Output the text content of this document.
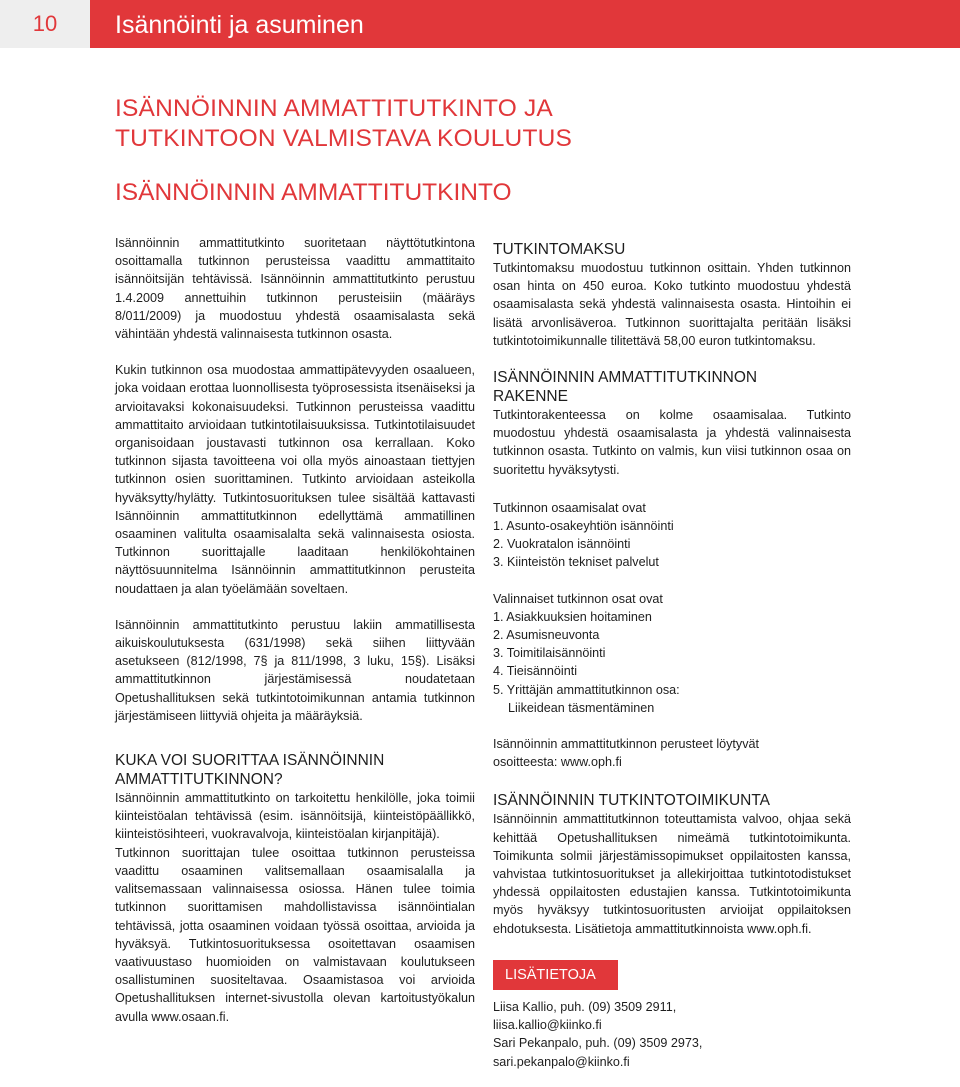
10	Isännöinti ja asuminen
ISÄNNÖINNIN AMMATTITUTKINTO JA
TUTKINTOON VALMISTAVA KOULUTUS
ISÄNNÖINNIN AMMATTITUTKINTO

Isännöinnin ammattitutkinto suoritetaan näyttötutkintona osoittamalla tutkinnon perusteissa vaadittu ammattitaito isännöitsijän tehtävissä. Isännöinnin ammattitutkinto perustuu 1.4.2009 annettuihin tutkinnon perusteisiin (määräys 8/011/2009) ja muodostuu yhdestä osaamisalasta sekä vähintään yhdestä valinnaisesta tutkinnon osasta.

Kukin tutkinnon osa muodostaa ammattipätevyyden osaalueen, joka voidaan erottaa luonnollisesta työprosessista itsenäiseksi ja arvioitavaksi kokonaisuudeksi. Tutkinnon perusteissa vaadittu ammattitaito arvioidaan tutkintotilaisuuksissa. Tutkintotilaisuudet organisoidaan joustavasti tutkinnon osa kerrallaan. Koko tutkinnon sijasta tavoitteena voi olla myös ainoastaan tiettyjen tutkinnon osien suorittaminen. Tutkinto arvioidaan asteikolla hyväksytty/hylätty. Tutkintosuorituksen tulee sisältää kattavasti Isännöinnin ammattitutkinnon edellyttämä ammatillinen osaaminen valitulta osaamisalalta sekä valinnaisesta osiosta. Tutkinnon suorittajalle laaditaan henkilökohtainen näyttösuunnitelma Isännöinnin ammattitutkinnon perusteita noudattaen ja alan työelämään soveltaen.

Isännöinnin ammattitutkinto perustuu lakiin ammatillisesta aikuiskoulutuksesta (631/1998) sekä siihen liittyvään asetukseen (812/1998, 7§ ja 811/1998, 3 luku, 15§). Lisäksi ammattitutkinnon järjestämisessä noudatetaan Opetushallituksen sekä tutkintotoimikunnan antamia tutkinnon järjestämiseen liittyviä ohjeita ja määräyksiä.

KUKA VOI SUORITTAA ISÄNNÖINNIN
AMMATTITUTKINNON?

Isännöinnin ammattitutkinto on tarkoitettu henkilölle, joka toimii kiinteistöalan tehtävissä (esim. isännöitsijä, kiinteistöpäällikkö, kiinteistösihteeri, vuokravalvoja, kiinteistöalan kirjanpitäjä).

Tutkinnon suorittajan tulee osoittaa tutkinnon perusteissa vaadittu osaaminen valitsemallaan osaamisalalla ja valitsemassaan valinnaisessa osiossa. Hänen tulee toimia tutkinnon suorittamisen mahdollistavissa isännöintialan tehtävissä, jotta osaaminen voidaan työssä osoittaa, arvioida ja hyväksyä. Tutkintosuorituksessa osoitettavan osaamisen vaativuustaso huomioiden on valmistavaan koulutukseen osallistuminen suositeltavaa. Osaamistasoa voi arvioida Opetushallituksen internet-sivustolla olevan kartoitustyökalun avulla www.osaan.fi.

TUTKINTOMAKSU

Tutkintomaksu muodostuu tutkinnon osittain. Yhden tutkinnon osan hinta on 450 euroa. Koko tutkinto muodostuu yhdestä osaamisalasta sekä yhdestä valinnaisesta osasta. Hintoihin ei lisätä arvonlisäveroa. Tutkinnon suorittajalta peritään lisäksi tutkintotoimikunnalle tilitettävä 58,00 euron tutkintomaksu.

ISÄNNÖINNIN AMMATTITUTKINNON
RAKENNE

Tutkintorakenteessa on kolme osaamisalaa. Tutkinto muodostuu yhdestä osaamisalasta ja yhdestä valinnaisesta tutkinnon osasta. Tutkinto on valmis, kun viisi tutkinnon osaa on suoritettu hyväksytysti.

Tutkinnon osaamisalat ovat

1. Asunto-osakeyhtiön isännöinti
2. Vuokratalon isännöinti
3. Kiinteistön tekniset palvelut

Valinnaiset tutkinnon osat ovat

1. Asiakkuuksien hoitaminen
2. Asumisneuvonta
3. Toimitilaisännöinti
4. Tieisännöinti
5. Yrittäjän ammattitutkinnon osa:
Liikeidean täsmentäminen

Isännöinnin ammattitutkinnon perusteet löytyvät

osoitteesta: www.oph.fi

ISÄNNÖINNIN TUTKINTOTOIMIKUNTA

Isännöinnin ammattitutkinnon toteuttamista valvoo, ohjaa sekä kehittää Opetushallituksen nimeämä tutkintotoimikunta. Toimikunta solmii järjestämissopimukset oppilaitosten kanssa, vahvistaa tutkintosuoritukset ja allekirjoittaa tutkintotodistukset yhdessä oppilaitosten edustajien kanssa. Tutkintotoimikunta myös hyväksyy tutkintosuoritusten arvioijat oppilaitoksen ehdotuksesta. Lisätietoja ammattitutkinnoista www.oph.fi.

LISÄTIETOJA

Liisa Kallio, puh. (09) 3509 2911,

liisa.kallio@kiinko.fi

Sari Pekanpalo, puh. (09) 3509 2973,

sari.pekanpalo@kiinko.fi
